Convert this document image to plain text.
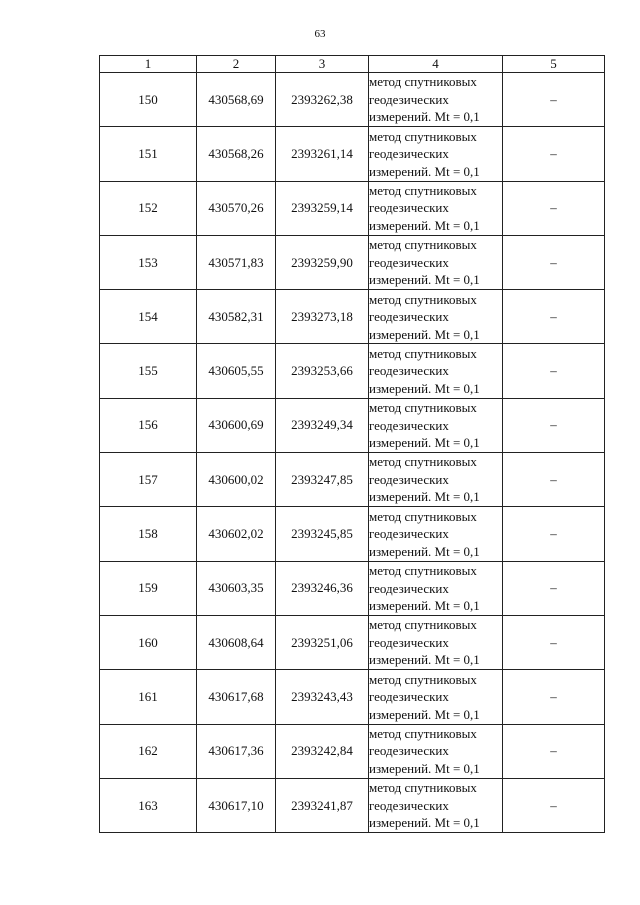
63
1	2	3	4	5
150	430568,69	2393262,38	метод спутниковых
геодезических
измерений. Mt = 0,1	–
151	430568,26	2393261,14	метод спутниковых
геодезических
измерений. Mt = 0,1	–
152	430570,26	2393259,14	метод спутниковых
геодезических
измерений. Mt = 0,1	–
153	430571,83	2393259,90	метод спутниковых
геодезических
измерений. Mt = 0,1	–
154	430582,31	2393273,18	метод спутниковых
геодезических
измерений. Mt = 0,1	–
155	430605,55	2393253,66	метод спутниковых
геодезических
измерений. Mt = 0,1	–
156	430600,69	2393249,34	метод спутниковых
геодезических
измерений. Mt = 0,1	–
157	430600,02	2393247,85	метод спутниковых
геодезических
измерений. Mt = 0,1	–
158	430602,02	2393245,85	метод спутниковых
геодезических
измерений. Mt = 0,1	–
159	430603,35	2393246,36	метод спутниковых
геодезических
измерений. Mt = 0,1	–
160	430608,64	2393251,06	метод спутниковых
геодезических
измерений. Mt = 0,1	–
161	430617,68	2393243,43	метод спутниковых
геодезических
измерений. Mt = 0,1	–
162	430617,36	2393242,84	метод спутниковых
геодезических
измерений. Mt = 0,1	–
163	430617,10	2393241,87	метод спутниковых
геодезических
измерений. Mt = 0,1	–
